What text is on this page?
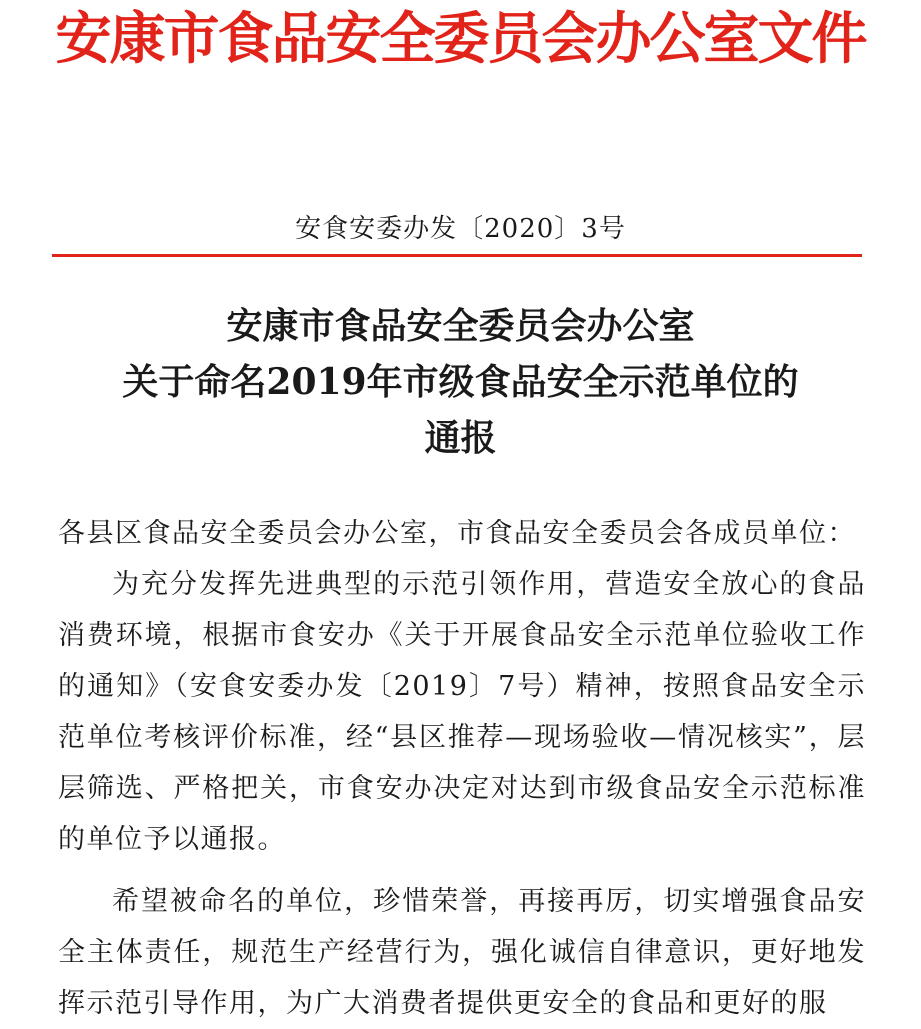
安康市食品安全委员会办公室文件
安食安委办发〔2020〕3号
安康市食品安全委员会办公室
关于命名2019年市级食品安全示范单位的
通报

各县区食品安全委员会办公室，市食品安全委员会各成员单位：

为充分发挥先进典型的示范引领作用，营造安全放心的食品消费环境，根据市食安办《关于开展食品安全示范单位验收工作的通知》（安食安委办发〔2019〕7号）精神，按照食品安全示范单位考核评价标准，经“县区推荐—现场验收—情况核实”，层层筛选、严格把关，市食安办决定对达到市级食品安全示范标准的单位予以通报。

希望被命名的单位，珍惜荣誉，再接再厉，切实增强食品安全主体责任，规范生产经营行为，强化诚信自律意识，更好地发挥示范引导作用，为广大消费者提供更安全的食品和更好的服
